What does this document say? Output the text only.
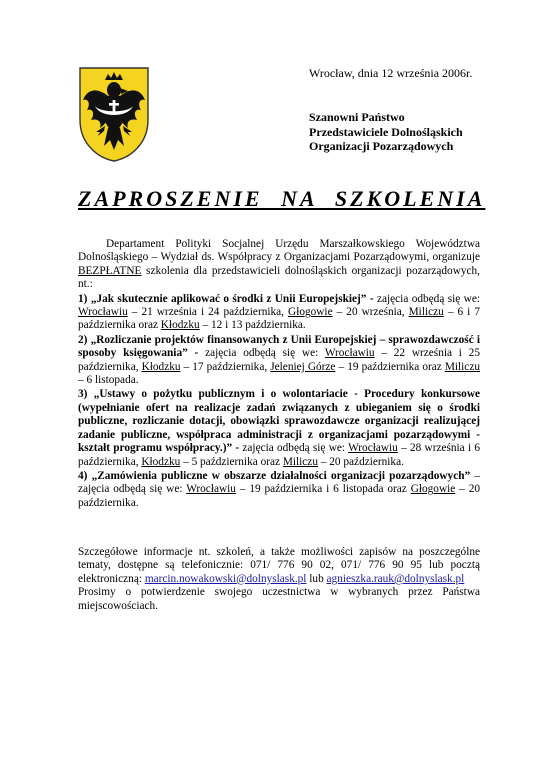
Wrocław, dnia 12 września 2006r.
Szanowni Państwo
Przedstawiciele Dolnośląskich
Organizacji Pozarządowych
ZAPROSZENIE NA SZKOLENIA

Departament Polityki Socjalnej Urzędu Marszałkowskiego Województwa Dolnośląskiego – Wydział ds. Współpracy z Organizacjami Pozarządowymi, organizuje BEZPŁATNE szkolenia dla przedstawicieli dolnośląskich organizacji pozarządowych, nt.:

1) „Jak skutecznie aplikować o środki z Unii Europejskiej” - zajęcia odbędą się we: Wrocławiu – 21 września i 24 października, Głogowie – 20 września, Miliczu – 6 i 7 października oraz Kłodzku – 12 i 13 października.

2) „Rozliczanie projektów finansowanych z Unii Europejskiej – sprawozdawczość i sposoby księgowania” - zajęcia odbędą się we: Wrocławiu – 22 września i 25 października, Kłodzku – 17 października, Jeleniej Górze – 19 października oraz Miliczu – 6 listopada.

3) „Ustawy o pożytku publicznym i o wolontariacie - Procedury konkursowe (wypełnianie ofert na realizacje zadań związanych z ubieganiem się o środki publiczne, rozliczanie dotacji, obowiązki sprawozdawcze organizacji realizującej zadanie publiczne, współpraca administracji z organizacjami pozarządowymi - kształt programu współpracy.)” - zajęcia odbędą się we: Wrocławiu – 28 września i 6 października, Kłodzku – 5 października oraz Miliczu – 20 października.

4) „Zamówienia publiczne w obszarze działalności organizacji pozarządowych” – zajęcia odbędą się we: Wrocławiu – 19 października i 6 listopada oraz Głogowie – 20 października.

Szczegółowe informacje nt. szkoleń, a także możliwości zapisów na poszczególne tematy, dostępne są telefonicznie: 071/ 776 90 02, 071/ 776 90 95 lub pocztą elektroniczną: marcin.nowakowski@dolnyslask.pl lub agnieszka.rauk@dolnyslask.pl

Prosimy o potwierdzenie swojego uczestnictwa w wybranych przez Państwa miejscowościach.
